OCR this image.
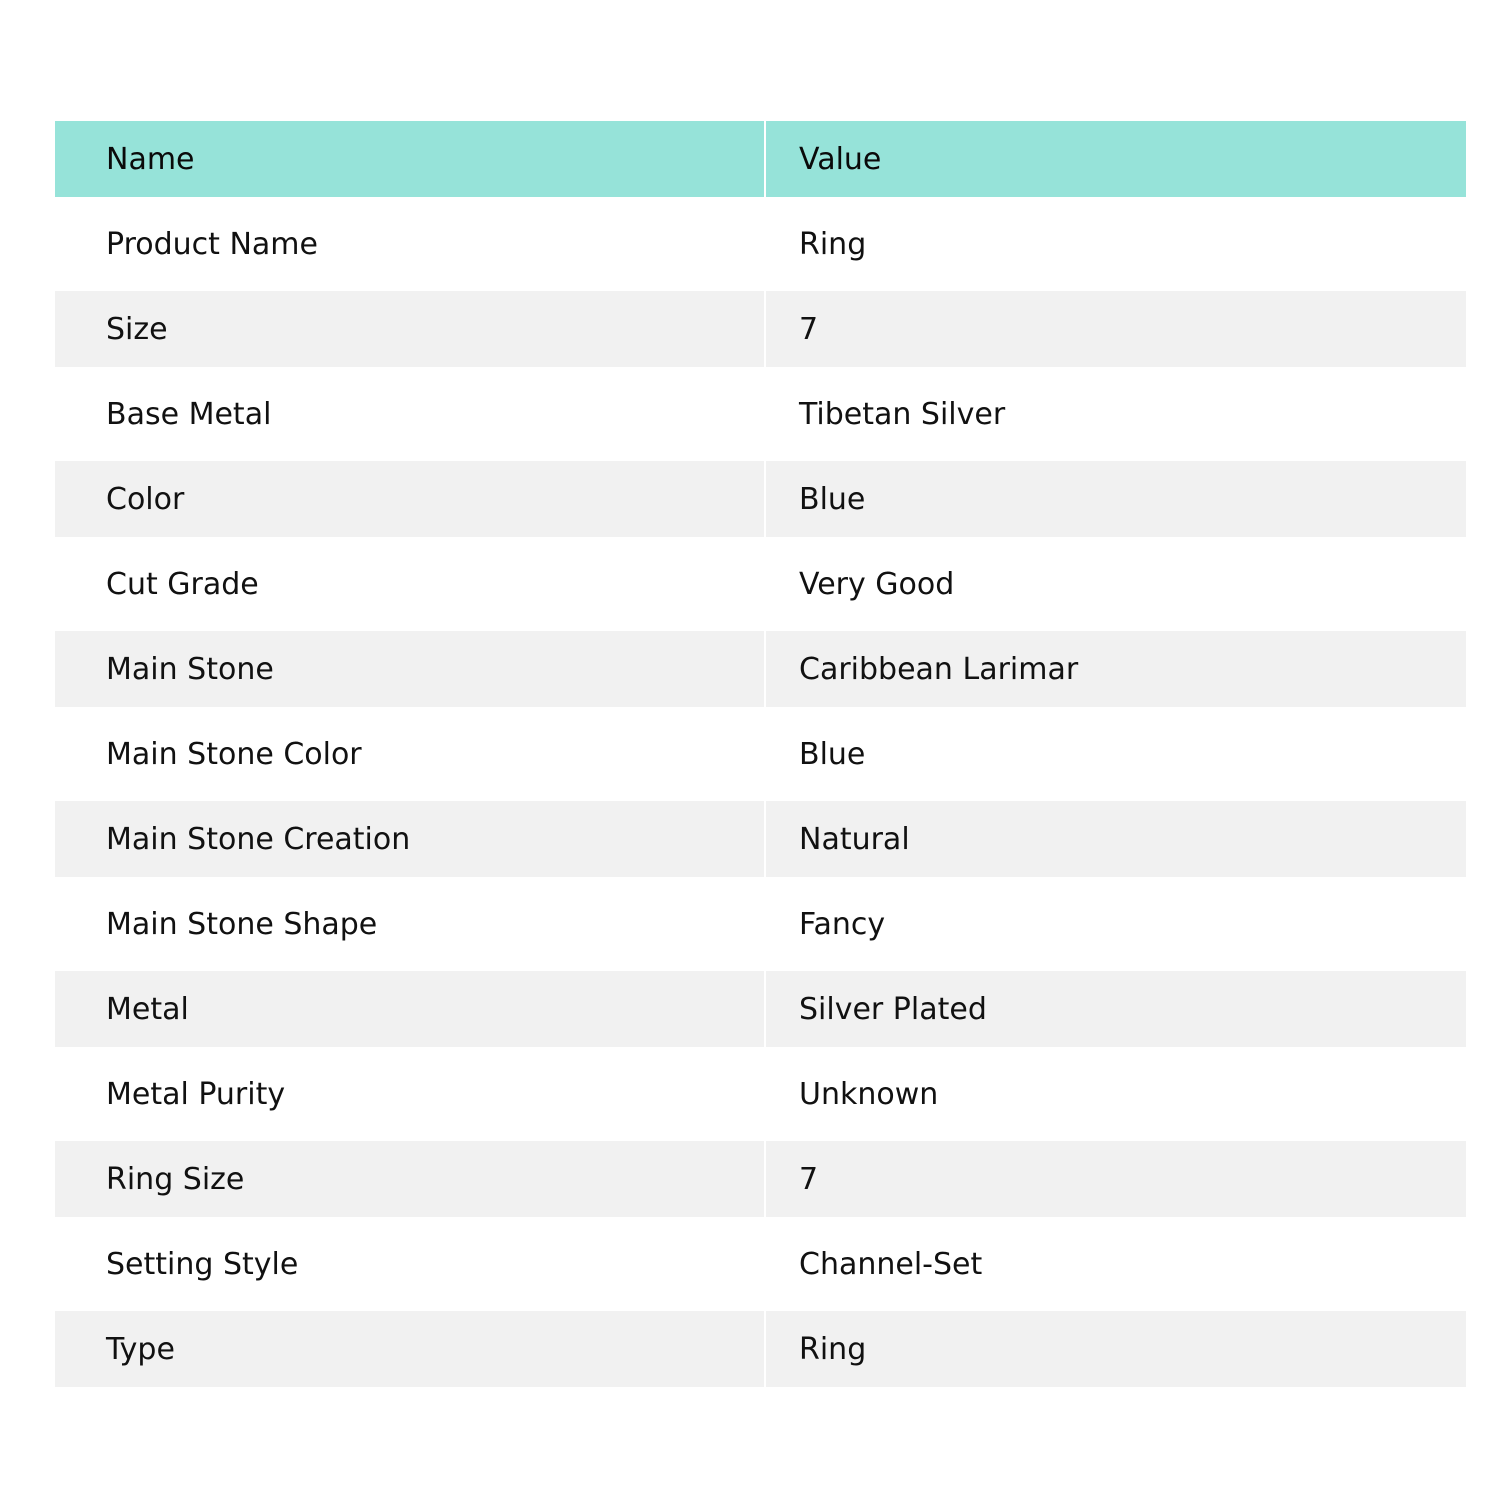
Name	Value
Product Name	Ring
Size	7
Base Metal	Tibetan Silver
Color	Blue
Cut Grade	Very Good
Main Stone	Caribbean Larimar
Main Stone Color	Blue
Main Stone Creation	Natural
Main Stone Shape	Fancy
Metal	Silver Plated
Metal Purity	Unknown
Ring Size	7
Setting Style	Channel-Set
Type	Ring
